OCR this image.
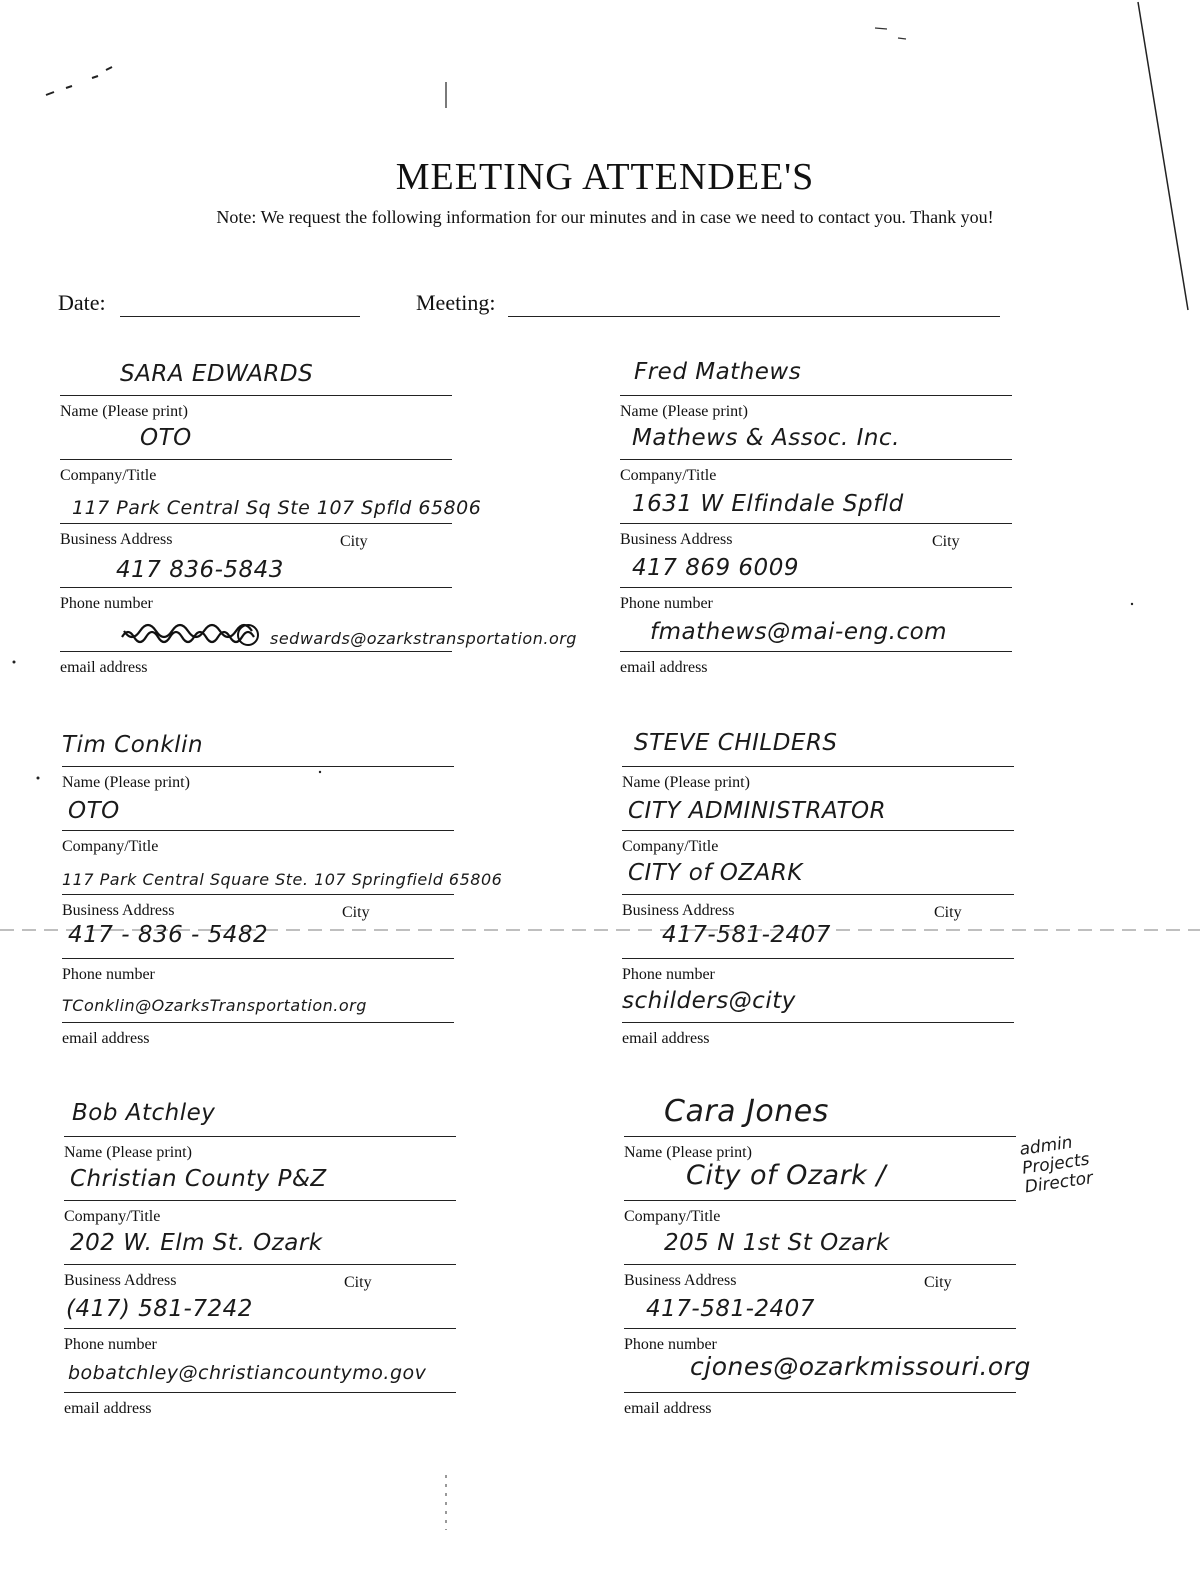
MEETING ATTENDEE'S
Note: We request the following information for our minutes and in case we need to contact you. Thank you!
Date:	Meeting:
SARA EDWARDS
Name (Please print)
OTO
Company/Title
117 Park Central Sq Ste 107 Spfld 65806
Business Address	City
417 836-5843
Phone number
sedwards@ozarkstransportation.org
email address
Fred Mathews
Name (Please print)
Mathews & Assoc. Inc.
Company/Title
1631 W Elfindale Spfld
Business Address	City
417 869 6009
Phone number
fmathews@mai-eng.com
email address
Tim Conklin
Name (Please print)
OTO
Company/Title
117 Park Central Square Ste. 107 Springfield 65806
Business Address	City
417 - 836 - 5482
Phone number
TConklin@OzarksTransportation.org
email address
STEVE CHILDERS
Name (Please print)
CITY ADMINISTRATOR
Company/Title
CITY of OZARK
Business Address	City
417-581-2407
Phone number
schilders@city
email address
Bob Atchley
Name (Please print)
Christian County P&Z
Company/Title
202 W. Elm St. Ozark
Business Address	City
(417) 581-7242
Phone number
bobatchley@christiancountymo.gov
email address
Cara Jones
Name (Please print)
City of Ozark /
admin
Projects
Director
Company/Title
205 N 1st St Ozark
Business Address	City
417-581-2407
Phone number
cjones@ozarkmissouri.org
email address
